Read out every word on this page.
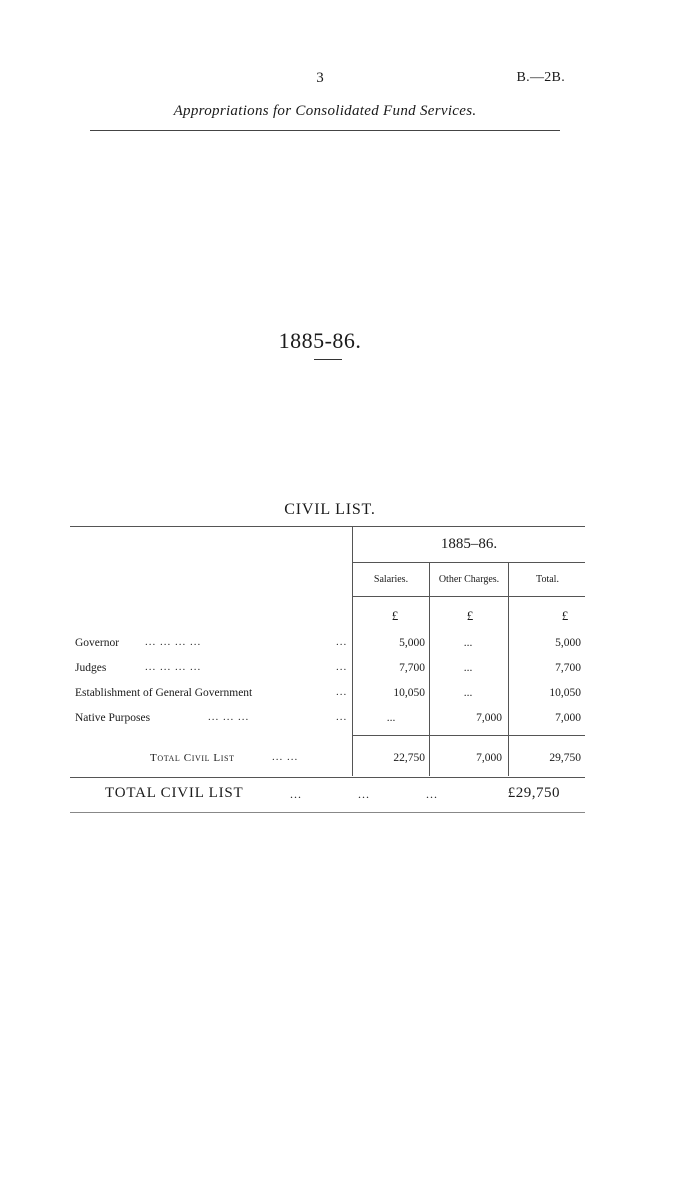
3	B.—2B.
Appropriations for Consolidated Fund Services.
1885-86.
CIVIL LIST.
1885–86.
Salaries.	Other Charges.	Total.
£	£	£
Governor	... ... ... ...	...	5,000	...	5,000
Judges	... ... ... ...	...	7,700	...	7,700
Establishment of General Government	...	10,050	...	10,050
Native Purposes	... ... ...	...	...	7,000	7,000
Total Civil List	... ...	22,750	7,000	29,750
TOTAL CIVIL LIST	...              ...              ...	£29,750
